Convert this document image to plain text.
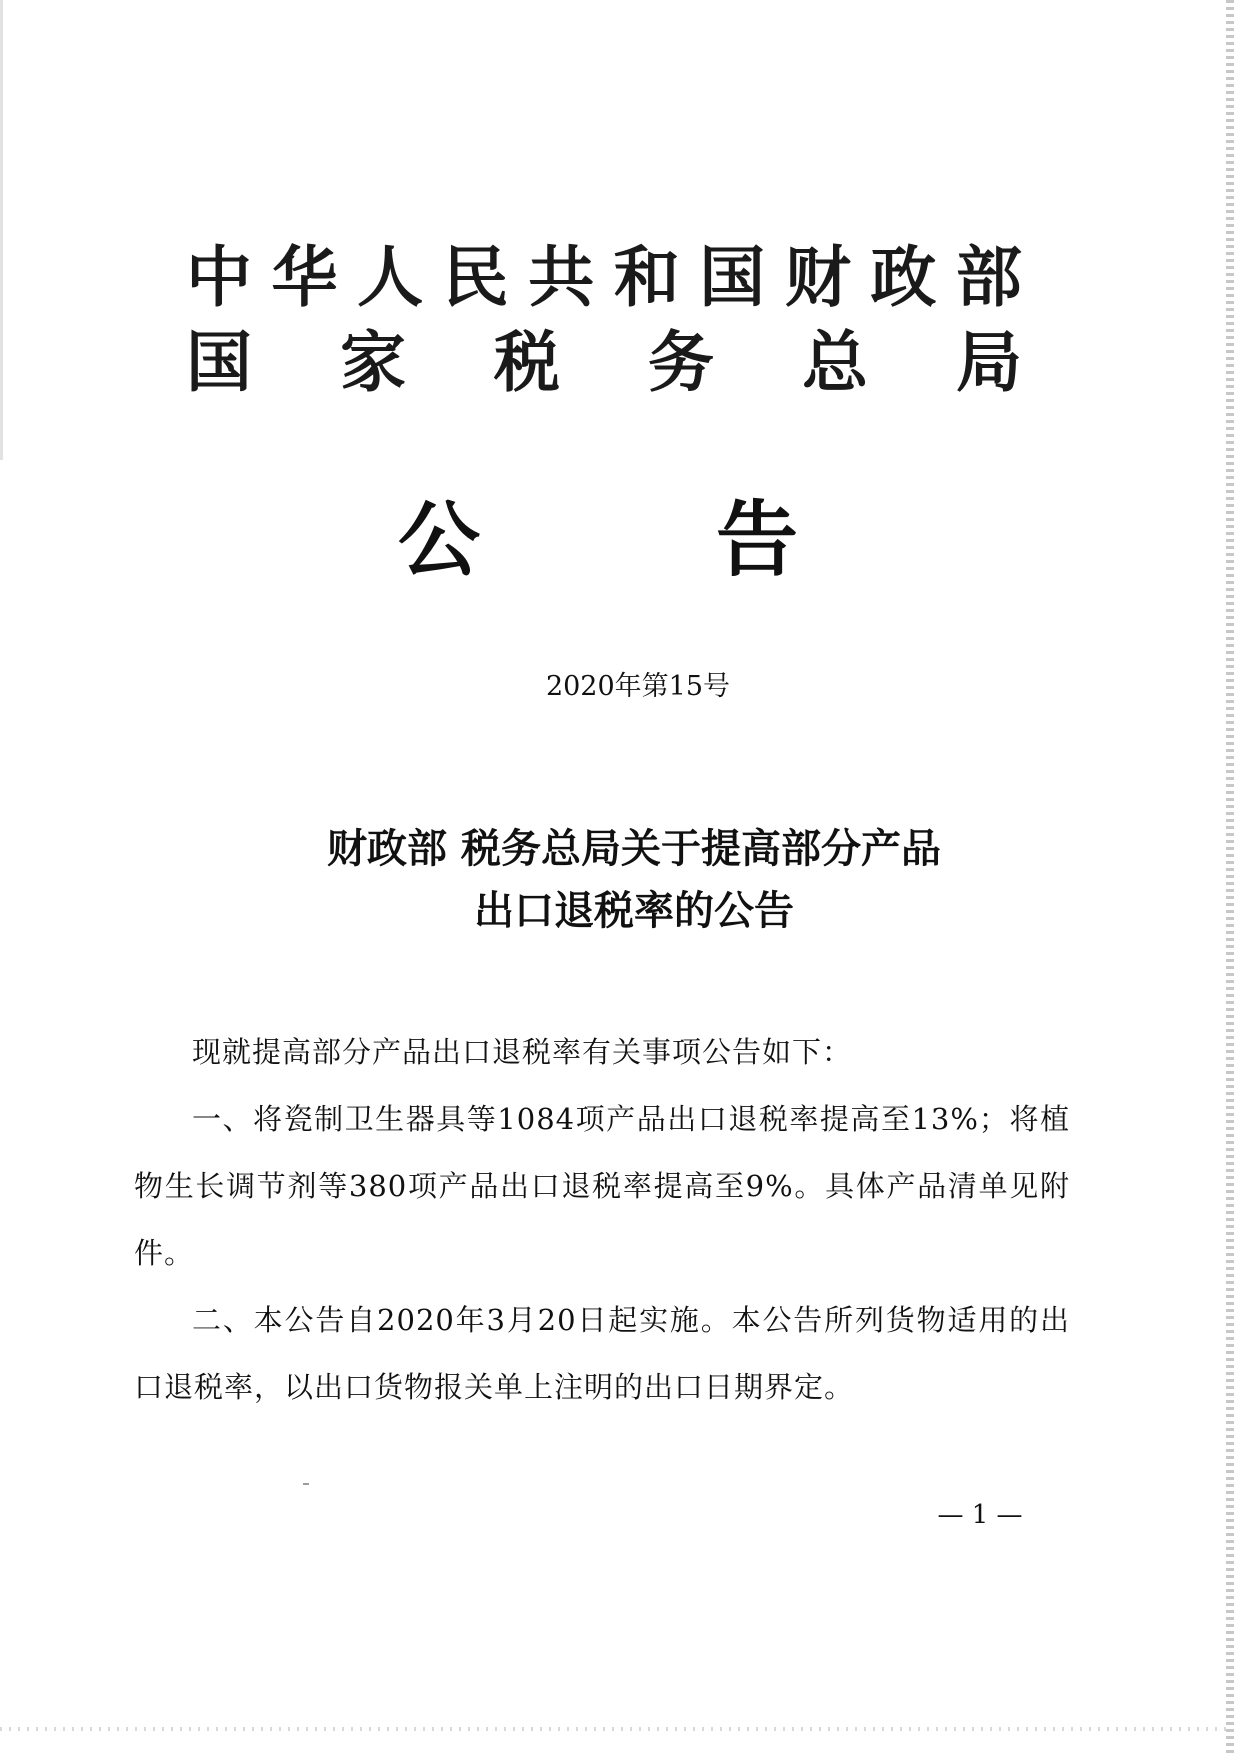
中 华 人 民 共 和 国 财 政 部
国 家 税 务 总 局
公	告
2020年第15号
财政部 税务总局关于提高部分产品
出口退税率的公告

现就提高部分产品出口退税率有关事项公告如下：

一、将瓷制卫生器具等1084项产品出口退税率提高至13%；将植物生长调节剂等380项产品出口退税率提高至9%。具体产品清单见附件。

二、本公告自2020年3月20日起实施。本公告所列货物适用的出口退税率，以出口货物报关单上注明的出口日期界定。

— 1 —
